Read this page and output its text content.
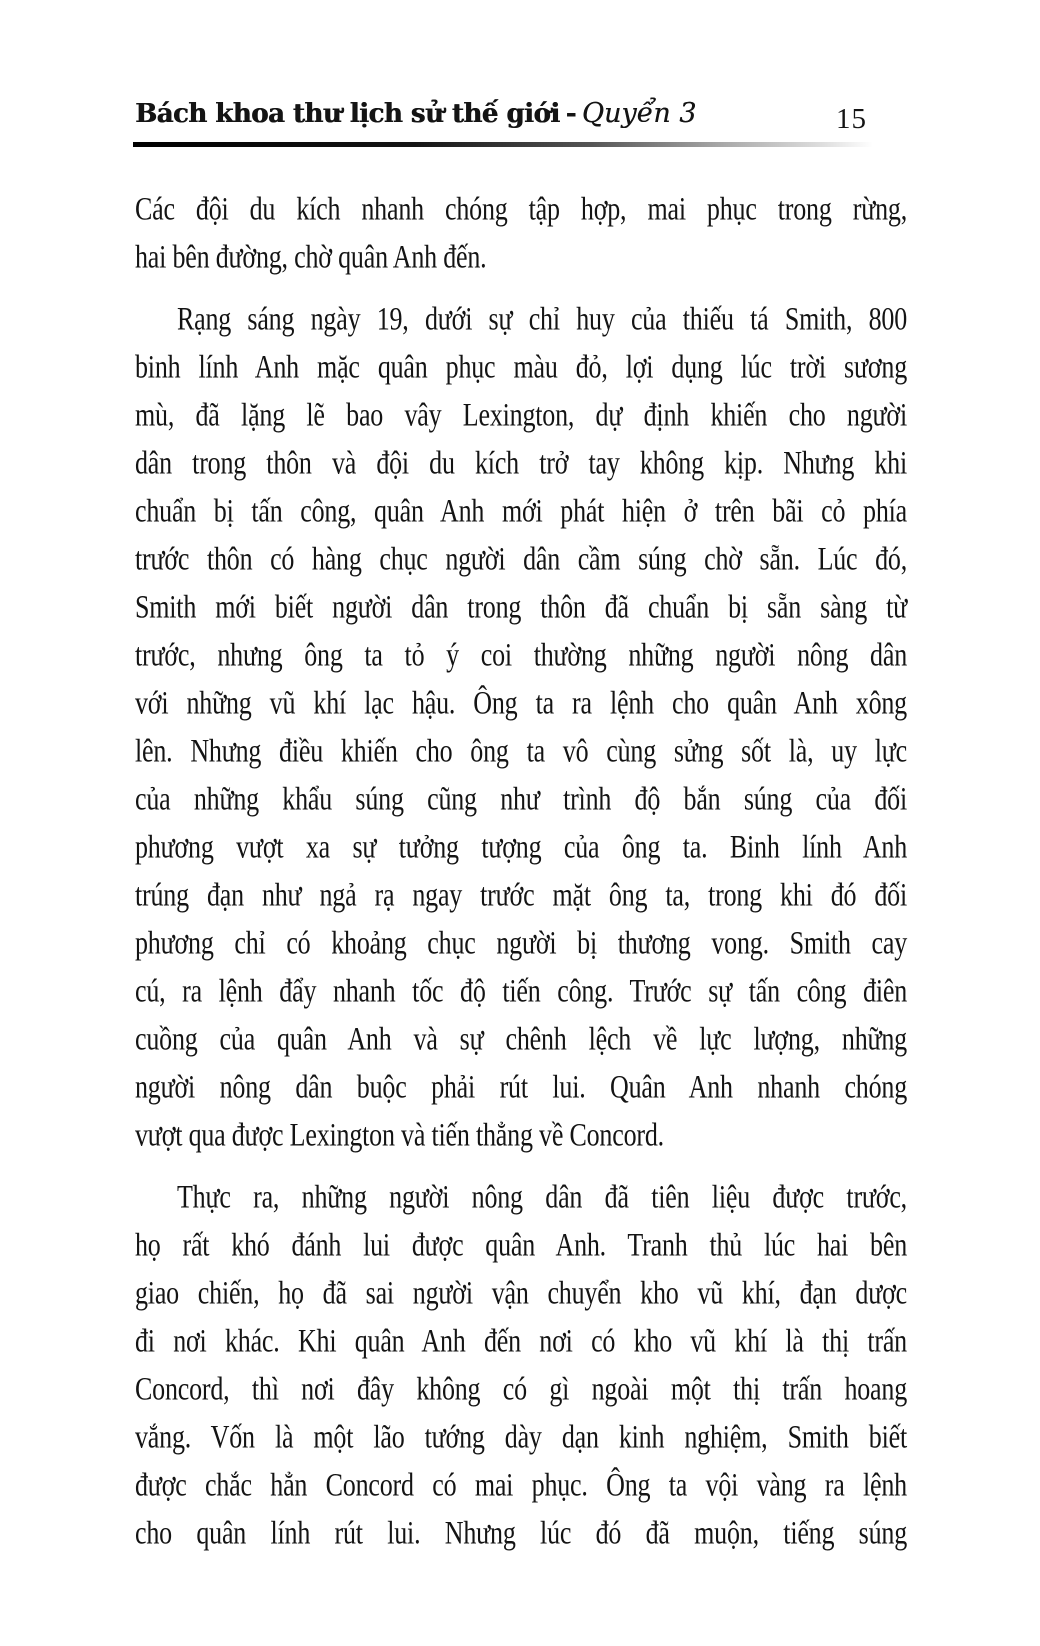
Bách khoa thư lịch sử thế giới - Quyển 3	15
Các đội du kích nhanh chóng tập hợp, mai phục trong rừng,
hai bên đường, chờ quân Anh đến.
Rạng sáng ngày 19, dưới sự chỉ huy của thiếu tá Smith, 800
binh lính Anh mặc quân phục màu đỏ, lợi dụng lúc trời sương
mù, đã lặng lẽ bao vây Lexington, dự định khiến cho người
dân trong thôn và đội du kích trở tay không kịp. Nhưng khi
chuẩn bị tấn công, quân Anh mới phát hiện ở trên bãi cỏ phía
trước thôn có hàng chục người dân cầm súng chờ sẵn. Lúc đó,
Smith mới biết người dân trong thôn đã chuẩn bị sẵn sàng từ
trước, nhưng ông ta tỏ ý coi thường những người nông dân
với những vũ khí lạc hậu. Ông ta ra lệnh cho quân Anh xông
lên. Nhưng điều khiến cho ông ta vô cùng sửng sốt là, uy lực
của những khẩu súng cũng như trình độ bắn súng của đối
phương vượt xa sự tưởng tượng của ông ta. Binh lính Anh
trúng đạn như ngả rạ ngay trước mặt ông ta, trong khi đó đối
phương chỉ có khoảng chục người bị thương vong. Smith cay
cú, ra lệnh đẩy nhanh tốc độ tiến công. Trước sự tấn công điên
cuồng của quân Anh và sự chênh lệch về lực lượng, những
người nông dân buộc phải rút lui. Quân Anh nhanh chóng
vượt qua được Lexington và tiến thẳng về Concord.
Thực ra, những người nông dân đã tiên liệu được trước,
họ rất khó đánh lui được quân Anh. Tranh thủ lúc hai bên
giao chiến, họ đã sai người vận chuyển kho vũ khí, đạn dược
đi nơi khác. Khi quân Anh đến nơi có kho vũ khí là thị trấn
Concord, thì nơi đây không có gì ngoài một thị trấn hoang
vắng. Vốn là một lão tướng dày dạn kinh nghiệm, Smith biết
được chắc hẳn Concord có mai phục. Ông ta vội vàng ra lệnh
cho quân lính rút lui. Nhưng lúc đó đã muộn, tiếng súng
